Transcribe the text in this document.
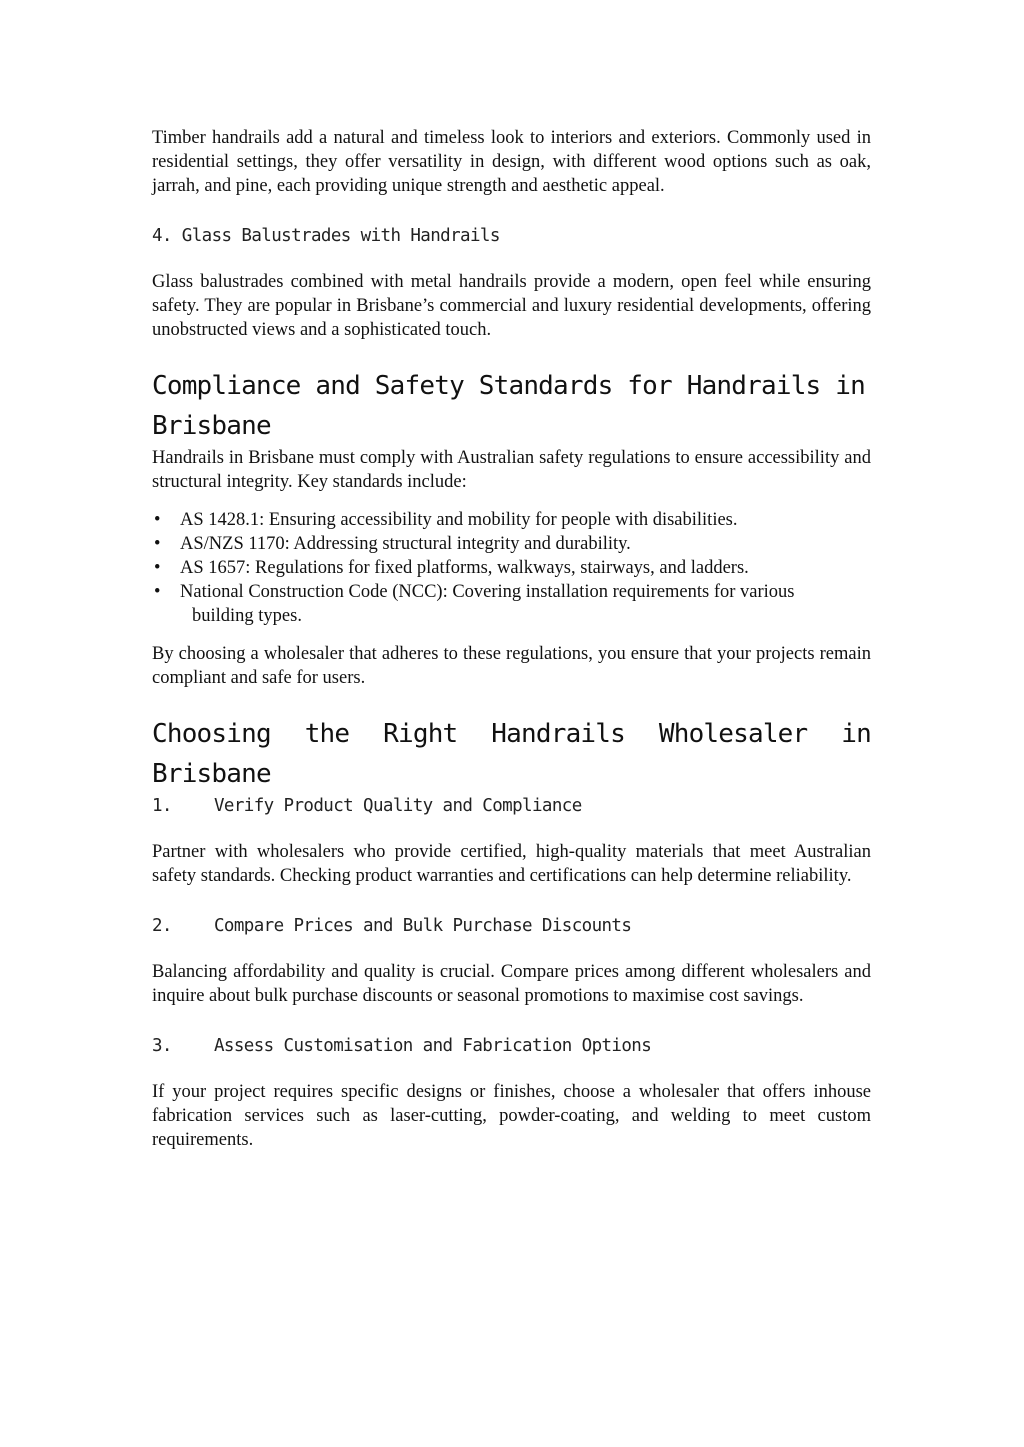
Timber handrails add a natural and timeless look to interiors and exteriors. Commonly used in residential settings, they offer versatility in design, with different wood options such as oak, jarrah, and pine, each providing unique strength and aesthetic appeal.

4. Glass Balustrades with Handrails

Glass balustrades combined with metal handrails provide a modern, open feel while ensuring safety. They are popular in Brisbane’s commercial and luxury residential developments, offering unobstructed views and a sophisticated touch.

Compliance and Safety Standards for Handrails in
Brisbane

Handrails in Brisbane must comply with Australian safety regulations to ensure accessibility and structural integrity. Key standards include:

• AS 1428.1: Ensuring accessibility and mobility for people with disabilities.
• AS/NZS 1170: Addressing structural integrity and durability.
• AS 1657: Regulations for fixed platforms, walkways, stairways, and ladders.
• National Construction Code (NCC): Covering installation requirements for various
building types.

By choosing a wholesaler that adheres to these regulations, you ensure that your projects remain compliant and safe for users.

Choosing the Right Handrails Wholesaler in
Brisbane

1. Verify Product Quality and Compliance

Partner with wholesalers who provide certified, high-quality materials that meet Australian safety standards. Checking product warranties and certifications can help determine reliability.

2. Compare Prices and Bulk Purchase Discounts

Balancing affordability and quality is crucial. Compare prices among different wholesalers and inquire about bulk purchase discounts or seasonal promotions to maximise cost savings.

3. Assess Customisation and Fabrication Options

If your project requires specific designs or finishes, choose a wholesaler that offers inhouse fabrication services such as laser-cutting, powder-coating, and welding to meet custom requirements.
